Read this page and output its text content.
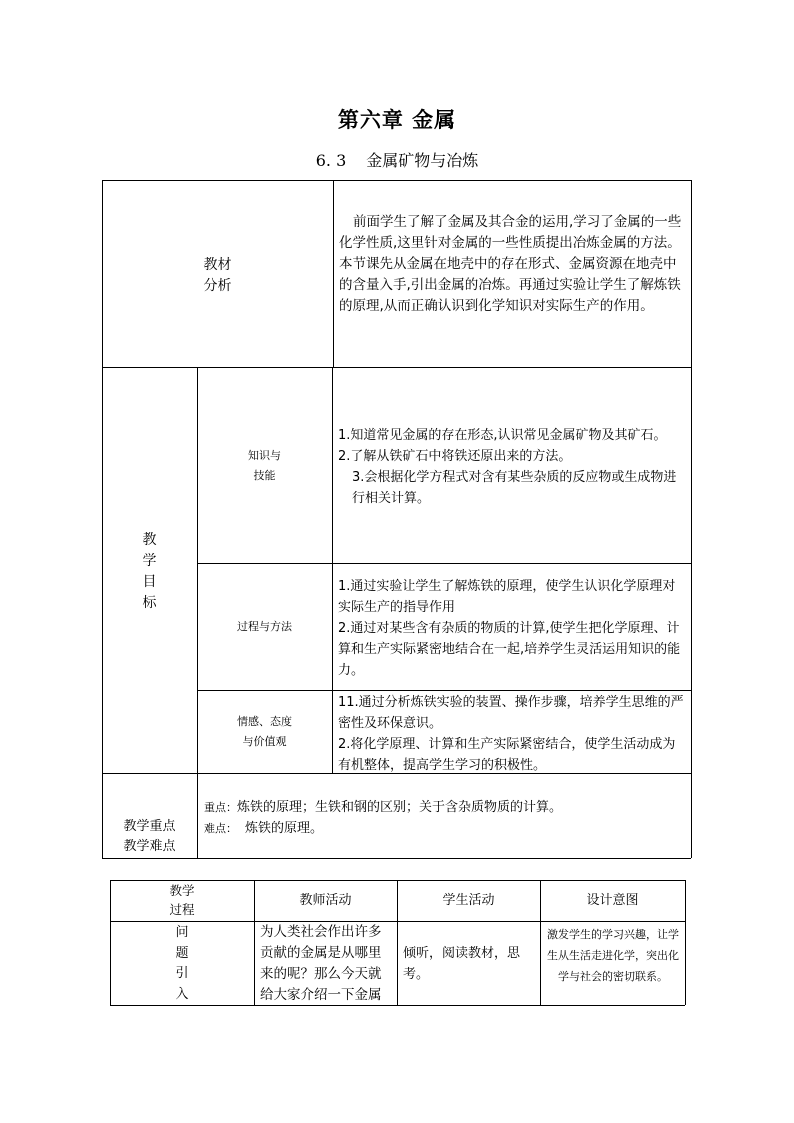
第六章 金属
6. 3 金属矿物与冶炼
教材
分析
前面学生了解了金属及其合金的运用,学习了金属的一些化学性质,这里针对金属的一些性质提出冶炼金属的方法。本节课先从金属在地壳中的存在形式、金属资源在地壳中的含量入手,引出金属的冶炼。再通过实验让学生了解炼铁的原理,从而正确认识到化学知识对实际生产的作用。
教
学
目
标
知识与
技能
1.知道常见金属的存在形态,认识常见金属矿物及其矿石。
2.了解从铁矿石中将铁还原出来的方法。
3.会根据化学方程式对含有某些杂质的反应物或生成物进行相关计算。
过程与方法
1.通过实验让学生了解炼铁的原理，使学生认识化学原理对实际生产的指导作用
2.通过对某些含有杂质的物质的计算,使学生把化学原理、计算和生产实际紧密地结合在一起,培养学生灵活运用知识的能力。
情感、态度
与价值观
11.通过分析炼铁实验的装置、操作步骤，培养学生思维的严密性及环保意识。
2.将化学原理、计算和生产实际紧密结合，使学生活动成为有机整体，提高学生学习的积极性。
教学重点
教学难点
重点：炼铁的原理；生铁和钢的区别；关于含杂质物质的计算。
难点： 炼铁的原理。
教学
过程
教师活动	学生活动	设计意图
问
题
引
入
为人类社会作出许多贡献的金属是从哪里来的呢？那么今天就给大家介绍一下金属
倾听，阅读教材，思考。
激发学生的学习兴趣，让学生从生活走进化学，突出化学与社会的密切联系。
